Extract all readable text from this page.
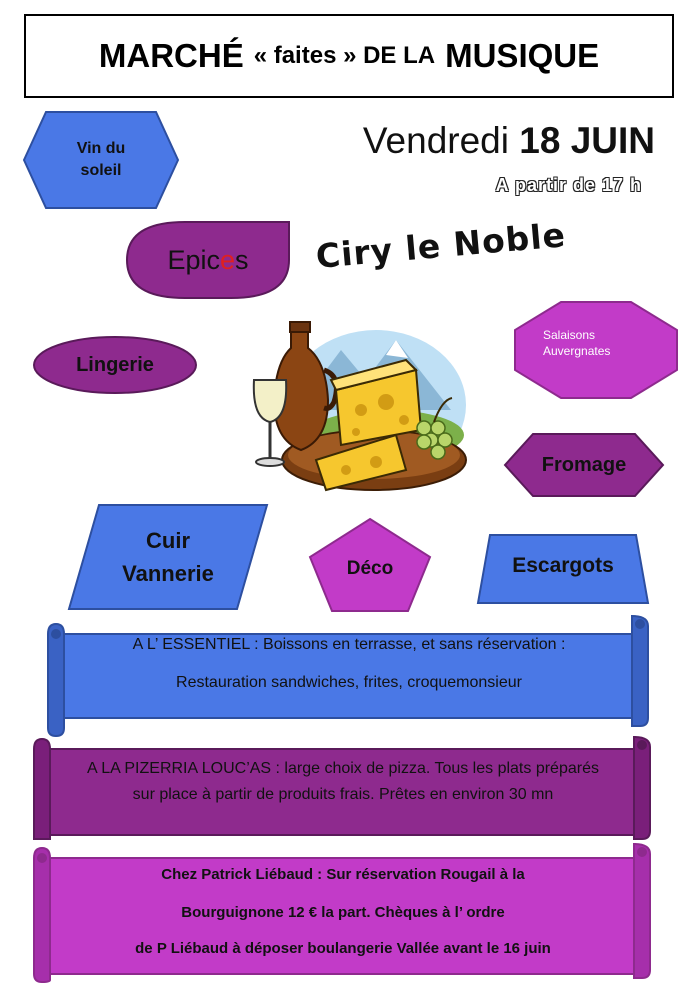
MARCHÉ « faites » DE LA MUSIQUE
Vendredi 18 JUIN
A partir de 17 h
Ciry le Noble
Vin du
soleil
Epic e s
Lingerie
Salaisons
Auvergnates
Fromage
Cuir
Vannerie	Déco	Escargots
A L’ ESSENTIEL : Boissons en terrasse, et sans réservation :
Restauration sandwiches, frites, croquemonsieur
A LA PIZERRIA LOUC’AS : large choix de pizza. Tous les plats préparés
sur place à partir de produits frais. Prêtes en environ 30 mn
Chez Patrick Liébaud : Sur réservation Rougail à la
Bourguignone 12 € la part. Chèques à l’ ordre
de P Liébaud à déposer boulangerie Vallée avant le 16 juin
